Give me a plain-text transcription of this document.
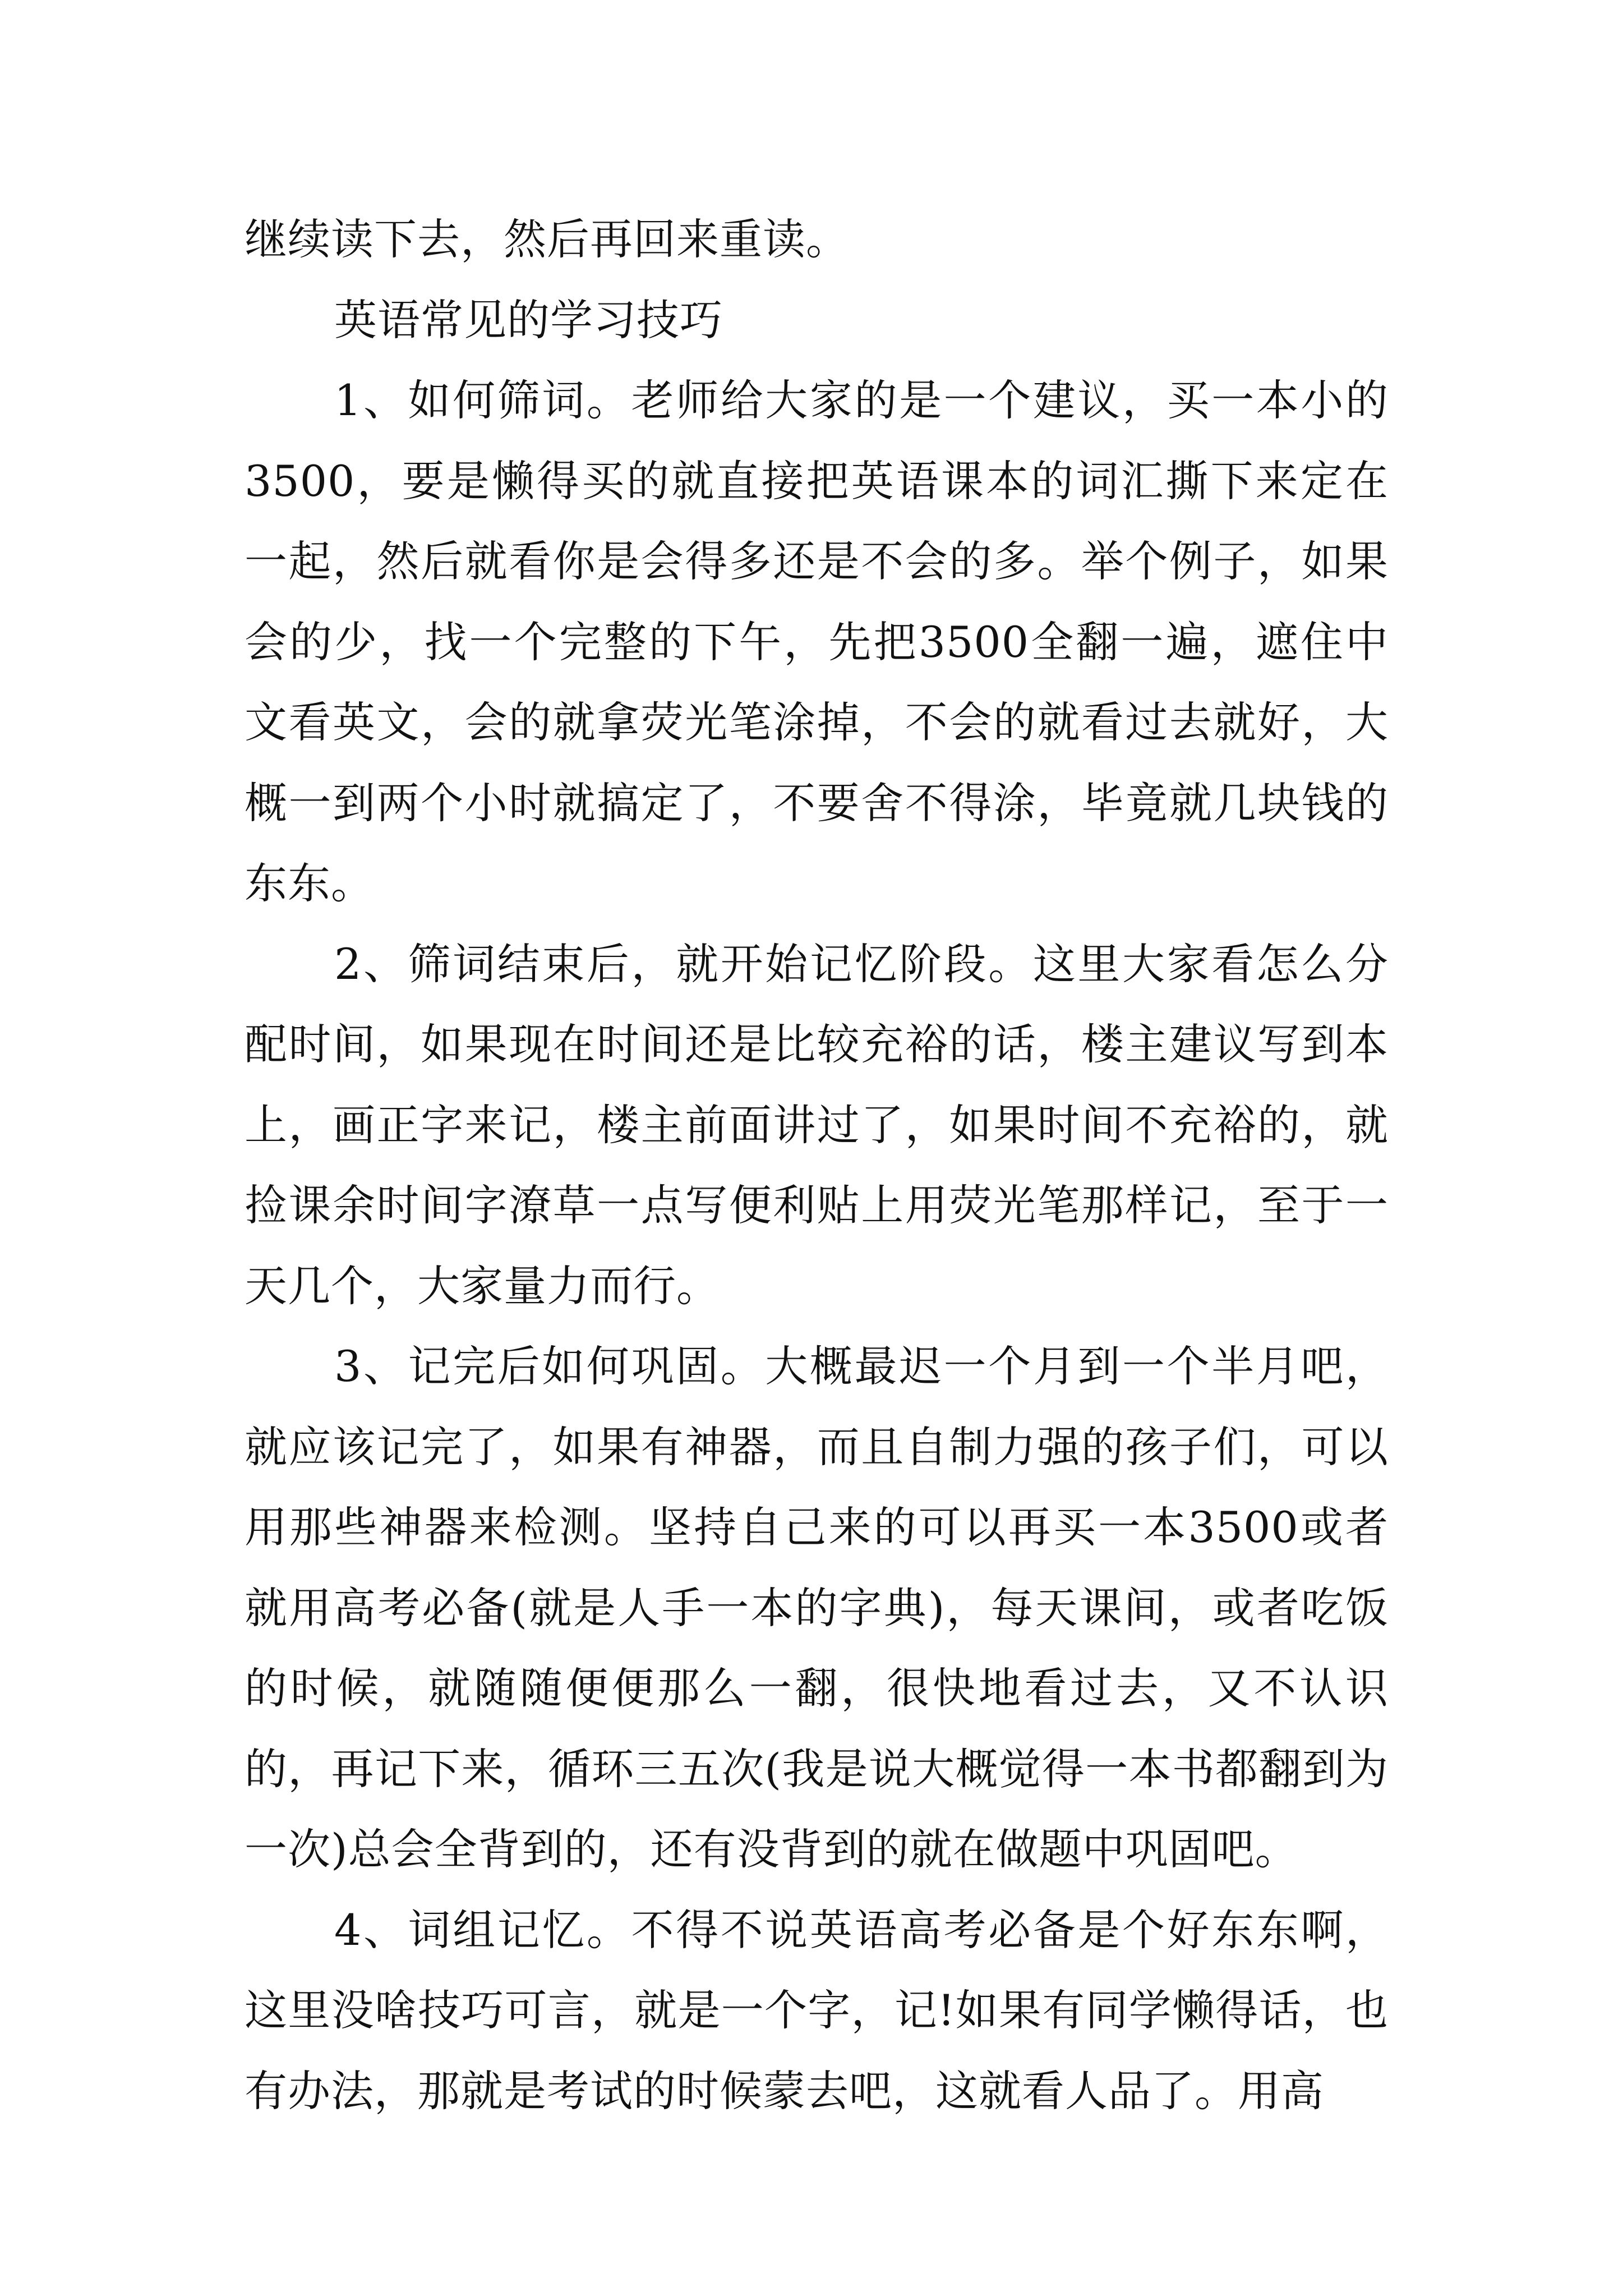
继续读下去，然后再回来重读。

英语常见的学习技巧

1、如何筛词。老师给大家的是一个建议，买一本小的3500，要是懒得买的就直接把英语课本的词汇撕下来定在一起，然后就看你是会得多还是不会的多。举个例子，如果会的少，找一个完整的下午，先把3500全翻一遍，遮住中文看英文，会的就拿荧光笔涂掉，不会的就看过去就好，大概一到两个小时就搞定了，不要舍不得涂，毕竟就几块钱的东东。

2、筛词结束后，就开始记忆阶段。这里大家看怎么分配时间，如果现在时间还是比较充裕的话，楼主建议写到本上，画正字来记，楼主前面讲过了，如果时间不充裕的，就捡课余时间字潦草一点写便利贴上用荧光笔那样记，至于一天几个，大家量力而行。

3、记完后如何巩固。大概最迟一个月到一个半月吧，就应该记完了，如果有神器，而且自制力强的孩子们，可以用那些神器来检测。坚持自己来的可以再买一本3500或者就用高考必备(就是人手一本的字典)，每天课间，或者吃饭的时候，就随随便便那么一翻，很快地看过去，又不认识的，再记下来，循环三五次(我是说大概觉得一本书都翻到为一次)总会全背到的，还有没背到的就在做题中巩固吧。

4、词组记忆。不得不说英语高考必备是个好东东啊，这里没啥技巧可言，就是一个字，记!如果有同学懒得话，也有办法，那就是考试的时候蒙去吧，这就看人品了。用高
